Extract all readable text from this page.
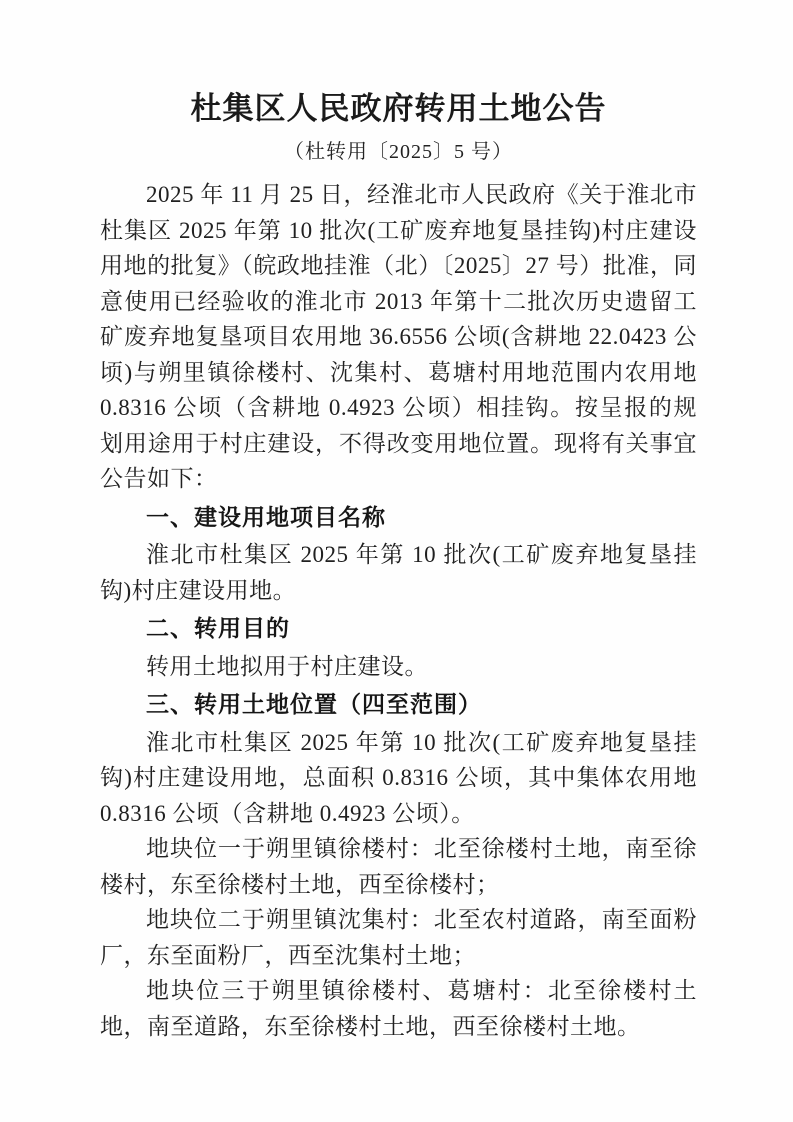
杜集区人民政府转用土地公告

（杜转用〔2025〕5 号）

2025 年 11 月 25 日，经淮北市人民政府《关于淮北市杜集区 2025 年第 10 批次(工矿废弃地复垦挂钩)村庄建设用地的批复》（皖政地挂淮（北）〔2025〕27 号）批准，同意使用已经验收的淮北市 2013 年第十二批次历史遗留工矿废弃地复垦项目农用地 36.6556 公顷(含耕地 22.0423 公顷)与朔里镇徐楼村、沈集村、葛塘村用地范围内农用地 0.8316 公顷（含耕地 0.4923 公顷）相挂钩。按呈报的规划用途用于村庄建设，不得改变用地位置。现将有关事宜公告如下：

一、建设用地项目名称

淮北市杜集区 2025 年第 10 批次(工矿废弃地复垦挂钩)村庄建设用地。

二、转用目的

转用土地拟用于村庄建设。

三、转用土地位置（四至范围）

淮北市杜集区 2025 年第 10 批次(工矿废弃地复垦挂钩)村庄建设用地，总面积 0.8316 公顷，其中集体农用地 0.8316 公顷（含耕地 0.4923 公顷）。

地块位一于朔里镇徐楼村：北至徐楼村土地，南至徐楼村，东至徐楼村土地，西至徐楼村；

地块位二于朔里镇沈集村：北至农村道路，南至面粉厂，东至面粉厂，西至沈集村土地；

地块位三于朔里镇徐楼村、葛塘村：北至徐楼村土地，南至道路，东至徐楼村土地，西至徐楼村土地。
